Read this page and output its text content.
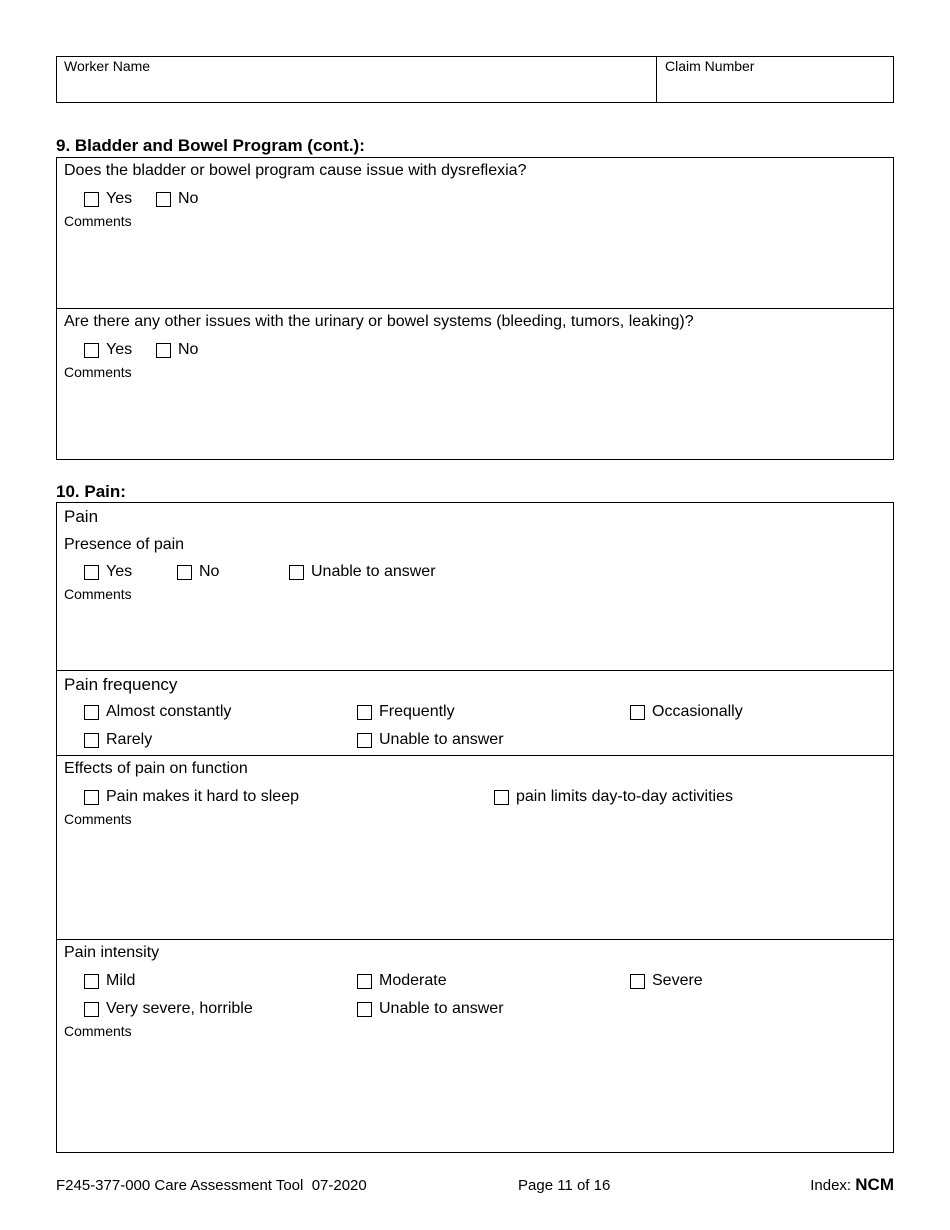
Worker Name	Claim Number
9. Bladder and Bowel Program (cont.):
Does the bladder or bowel program cause issue with dysreflexia?
Yes	No
Comments
Are there any other issues with the urinary or bowel systems (bleeding, tumors, leaking)?
Yes	No
Comments
10. Pain:
Pain
Presence of pain
Yes	No	Unable to answer
Comments
Pain frequency
Almost constantly	Frequently	Occasionally
Rarely	Unable to answer
Effects of pain on function
Pain makes it hard to sleep	pain limits day-to-day activities
Comments
Pain intensity
Mild	Moderate	Severe
Very severe, horrible	Unable to answer
Comments
F245-377-000 Care Assessment Tool  07-2020	Page 11 of 16	Index: NCM
